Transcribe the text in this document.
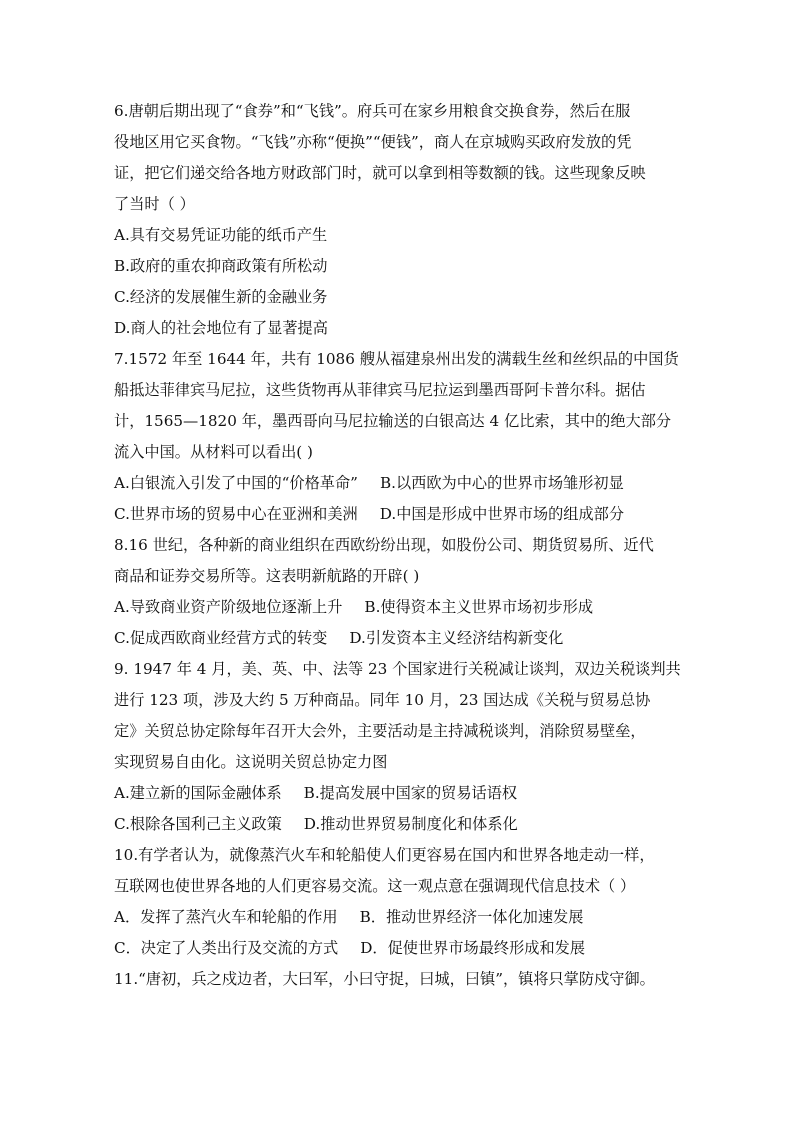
6.唐朝后期出现了“食券”和“飞钱”。府兵可在家乡用粮食交换食券，然后在服
役地区用它买食物。“飞钱”亦称“便换”“便钱”，商人在京城购买政府发放的凭
证，把它们递交给各地方财政部门时，就可以拿到相等数额的钱。这些现象反映
了当时（ ）
A.具有交易凭证功能的纸币产生
B.政府的重农抑商政策有所松动
C.经济的发展催生新的金融业务
D.商人的社会地位有了显著提高
7.1572 年至 1644 年，共有 1086 艘从福建泉州出发的满载生丝和丝织品的中国货
船抵达菲律宾马尼拉，这些货物再从菲律宾马尼拉运到墨西哥阿卡普尔科。据估
计，1565—1820 年，墨西哥向马尼拉输送的白银高达 4 亿比索，其中的绝大部分
流入中国。从材料可以看出( )
A.白银流入引发了中国的“价格革命” B.以西欧为中心的世界市场雏形初显
C.世界市场的贸易中心在亚洲和美洲 D.中国是形成中世界市场的组成部分
8.16 世纪，各种新的商业组织在西欧纷纷出现，如股份公司、期货贸易所、近代
商品和证券交易所等。这表明新航路的开辟( )
A.导致商业资产阶级地位逐渐上升 B.使得资本主义世界市场初步形成
C.促成西欧商业经营方式的转变 D.引发资本主义经济结构新变化
9. 1947 年 4 月，美、英、中、法等 23 个国家进行关税减让谈判，双边关税谈判共
进行 123 项，涉及大约 5 万种商品。同年 10 月，23 国达成《关税与贸易总协
定》关贸总协定除每年召开大会外，主要活动是主持减税谈判，消除贸易壁垒，
实现贸易自由化。这说明关贸总协定力图
A.建立新的国际金融体系 B.提高发展中国家的贸易话语权
C.根除各国利己主义政策 D.推动世界贸易制度化和体系化
10.有学者认为，就像蒸汽火车和轮船使人们更容易在国内和世界各地走动一样，
互联网也使世界各地的人们更容易交流。这一观点意在强调现代信息技术（ ）
A．发挥了蒸汽火车和轮船的作用 B．推动世界经济一体化加速发展
C．决定了人类出行及交流的方式 D．促使世界市场最终形成和发展
11.“唐初，兵之戍边者，大曰军，小曰守捉，曰城，曰镇”，镇将只掌防戍守御。
